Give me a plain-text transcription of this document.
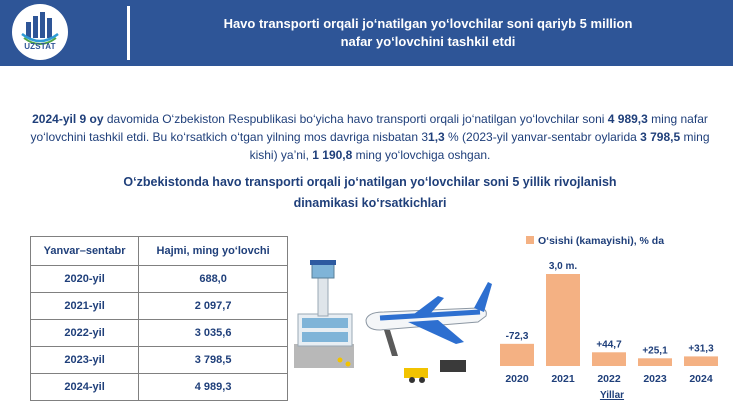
UZSTAT
Havo transporti orqali jo‘natilgan yo‘lovchilar soni qariyb 5 million
nafar yo‘lovchini tashkil etdi
2024-yil 9 oy davomida O‘zbekiston Respublikasi bo‘yicha havo transporti orqali jo‘natilgan yo‘lovchilar soni 4 989,3 ming nafar yo‘lovchini tashkil etdi. Bu ko‘rsatkich o‘tgan yilning mos davriga nisbatan 31,3 % (2023-yil yanvar-sentabr oylarida 3 798,5 ming kishi) ya’ni, 1 190,8 ming yo‘lovchiga oshgan.
O‘zbekistonda havo transporti orqali jo‘natilgan yo‘lovchilar soni 5 yillik rivojlanish
dinamikasi ko‘rsatkichlari
Yanvar–sentabr	Hajmi, ming yo‘lovchi
2020-yil	688,0
2021-yil	2 097,7
2022-yil	3 035,6
2023-yil	3 798,5
2024-yil	4 989,3
O‘sishi (kamayishi), % da
-72,3
2020
3,0 m.
2021
+44,7
2022
+25,1
2023
+31,3
2024
Yillar
